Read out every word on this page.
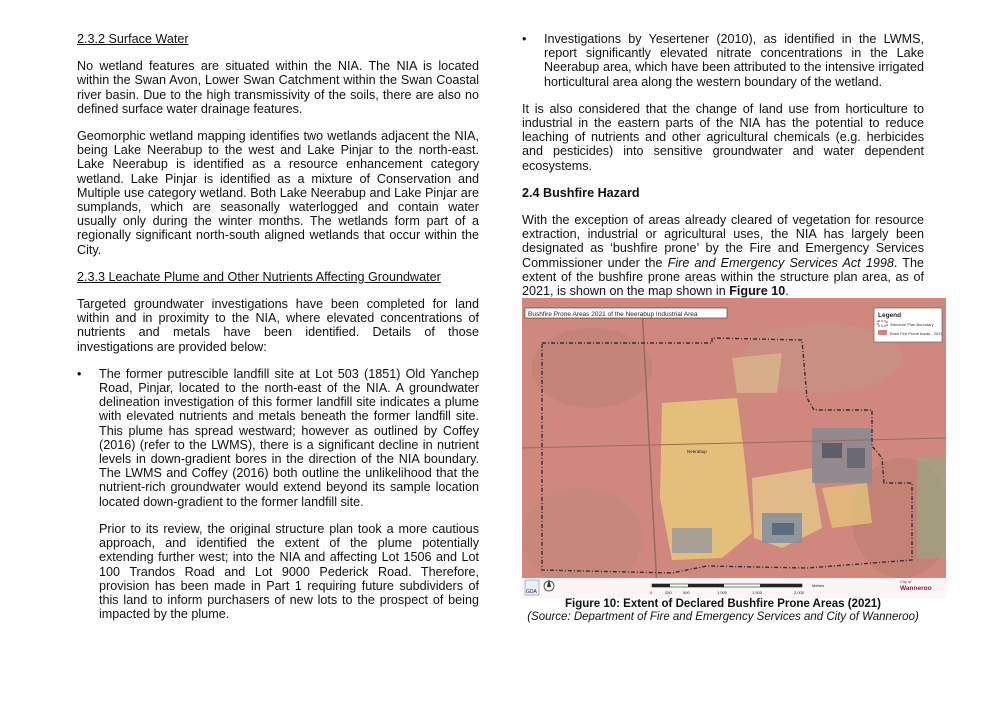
2.3.2 Surface Water

No wetland features are situated within the NIA. The NIA is located within the Swan Avon, Lower Swan Catchment within the Swan Coastal river basin. Due to the high transmissivity of the soils, there are also no defined surface water drainage features.

Geomorphic wetland mapping identifies two wetlands adjacent the NIA, being Lake Neerabup to the west and Lake Pinjar to the north-east. Lake Neerabup is identified as a resource enhancement category wetland. Lake Pinjar is identified as a mixture of Conservation and Multiple use category wetland. Both Lake Neerabup and Lake Pinjar are sumplands, which are seasonally waterlogged and contain water usually only during the winter months. The wetlands form part of a regionally significant north-south aligned wetlands that occur within the City.

2.3.3 Leachate Plume and Other Nutrients Affecting Groundwater

Targeted groundwater investigations have been completed for land within and in proximity to the NIA, where elevated concentrations of nutrients and metals have been identified. Details of those investigations are provided below:

• The former putrescible landfill site at Lot 503 (1851) Old Yanchep Road, Pinjar, located to the north-east of the NIA. A groundwater delineation investigation of this former landfill site indicates a plume with elevated nutrients and metals beneath the former landfill site. This plume has spread westward; however as outlined by Coffey (2016) (refer to the LWMS), there is a significant decline in nutrient levels in down-gradient bores in the direction of the NIA boundary. The LWMS and Coffey (2016) both outline the unlikelihood that the nutrient-rich groundwater would extend beyond its sample location located down-gradient to the former landfill site.

Prior to its review, the original structure plan took a more cautious approach, and identified the extent of the plume potentially extending further west; into the NIA and affecting Lot 1506 and Lot 100 Trandos Road and Lot 9000 Pederick Road. Therefore, provision has been made in Part 1 requiring future subdividers of this land to inform purchasers of new lots to the prospect of being impacted by the plume.

• Investigations by Yesertener (2010), as identified in the LWMS, report significantly elevated nitrate concentrations in the Lake Neerabup area, which have been attributed to the intensive irrigated horticultural area along the western boundary of the wetland.

It is also considered that the change of land use from horticulture to industrial in the eastern parts of the NIA has the potential to reduce leaching of nutrients and other agricultural chemicals (e.g. herbicides and pesticides) into sensitive groundwater and water dependent ecosystems.

2.4 Bushfire Hazard

With the exception of areas already cleared of vegetation for resource extraction, industrial or agricultural uses, the NIA has largely been designated as ‘bushfire prone’ by the Fire and Emergency Services Commissioner under the Fire and Emergency Services Act 1998. The extent of the bushfire prone areas within the structure plan area, as of 2021, is shown on the map shown in Figure 10.

Bushfire Prone Areas 2021 of the Neerabup Industrial Area	Legend
Structure Plan Boundary
Bush Fire Prone Areas - 2021
Neerabup
GDA	0	250	500	1,000	1,500	2,000
Metres
City of
Wanneroo
Figure 10: Extent of Declared Bushfire Prone Areas (2021)
(Source: Department of Fire and Emergency Services and City of Wanneroo)
